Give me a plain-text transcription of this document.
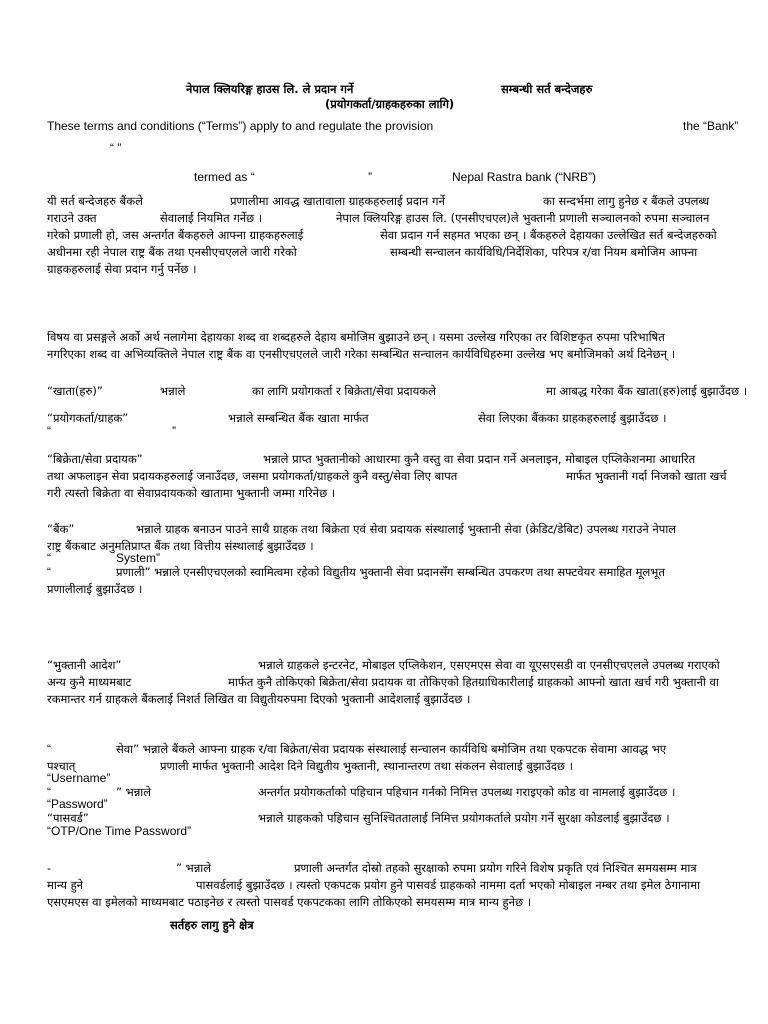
नेपाल क्लियरिङ्ग हाउस लि. ले प्रदान गर्ने	सम्बन्धी सर्त बन्देजहरु
(प्रयोगकर्ता/ग्राहकहरुका लागि)
These terms and conditions (“Terms”) apply to and regulate the provision	the “Bank”
“ ”
termed as “	”	Nepal Rastra bank (“NRB”)
यी सर्त बन्देजहरु बैंकले	प्रणालीमा आवद्ध खातावाला ग्राहकहरुलाई प्रदान गर्ने	का सन्दर्भमा लागु हुनेछ र बैंकले उपलब्ध
गराउने उक्त	सेवालाई नियमित गर्नेछ ।	नेपाल क्लियरिङ्ग हाउस लि. (एनसीएचएल)ले भुक्तानी प्रणाली सञ्चालनको रुपमा सञ्चालन
गरेको प्रणाली हो, जस अन्तर्गत बैंकहरुले आफ्ना ग्राहकहरुलाई	सेवा प्रदान गर्न सहमत भएका छन् । बैंकहरुले देहायका उल्लेखित सर्त बन्देजहरुको
अधीनमा रही नेपाल राष्ट्र बैंक तथा एनसीएचएलले जारी गरेको	सम्बन्धी सन्चालन कार्यविधि/निर्देशिका, परिपत्र र/वा नियम बमोजिम आफ्ना
ग्राहकहरुलाई सेवा प्रदान गर्नु पर्नेछ ।
विषय वा प्रसङ्गले अर्को अर्थ नलागेमा देहायका शब्द वा शब्दहरुले देहाय बमोजिम बुझाउने छन् । यसमा उल्लेख गरिएका तर विशिष्टकृत रुपमा परिभाषित
नगरिएका शब्द वा अभिव्यक्तिले नेपाल राष्ट्र बैंक वा एनसीएचएलले जारी गरेका सम्बन्धित सन्चालन कार्यविधिहरुमा उल्लेख भए बमोजिमको अर्थ दिनेछन् ।
“खाता(हरु)”	भन्नाले	का लागि प्रयोगकर्ता र बिक्रेता/सेवा प्रदायकले	मा आबद्ध गरेका बैंक खाता(हरु)लाई बुझाउँदछ ।
“प्रयोगकर्ता/ग्राहक”	भन्नाले सम्बन्धित बैंक खाता मार्फत	सेवा लिएका बैंकका ग्राहकहरुलाई बुझाउँदछ ।
“	”
“बिक्रेता/सेवा प्रदायक”	भन्नाले प्राप्त भुक्तानीको आधारमा कुनै वस्तु वा सेवा प्रदान गर्ने अनलाइन, मोबाइल एप्लिकेशनमा आधारित
तथा अफलाइन सेवा प्रदायकहरुलाई जनाउँदछ, जसमा प्रयोगकर्ता/ग्राहकले कुनै वस्तु/सेवा लिए बापत	मार्फत भुक्तानी गर्दा निजको खाता खर्च
गरी त्यस्तो बिक्रेता वा सेवाप्रदायकको खातामा भुक्तानी जम्मा गरिनेछ ।
“बैंक”	भन्नाले ग्राहक बनाउन पाउने साथै ग्राहक तथा बिक्रेता एवं सेवा प्रदायक संस्थालाई भुक्तानी सेवा (क्रेडिट/डेबिट) उपलब्ध गराउने नेपाल
राष्ट्र बैंकबाट अनुमतिप्राप्त बैंक तथा वित्तीय संस्थालाई बुझाउँदछ ।
“	System”
“	प्रणाली” भन्नाले एनसीएचएलको स्वामित्वमा रहेको विद्युतीय भुक्तानी सेवा प्रदानसँग सम्बन्धित उपकरण तथा सफ्टवेयर समाहित मूलभूत
प्रणालीलाई बुझाउँदछ ।
“भुक्तानी आदेश”	भन्नाले ग्राहकले इन्टरनेट, मोबाइल एप्लिकेशन, एसएमएस सेवा वा यूएसएसडी वा एनसीएचएलले उपलब्ध गराएको
अन्य कुनै माध्यमबाट	मार्फत कुनै तोकिएको बिक्रेता/सेवा प्रदायक वा तोकिएको हितग्राधिकारीलाई ग्राहकको आफ्नो खाता खर्च गरी भुक्तानी वा
रकमान्तर गर्न ग्राहकले बैंकलाई निशर्त लिखित वा विद्युतीयरुपमा दिएको भुक्तानी आदेशलाई बुझाउँदछ ।
“	सेवा” भन्नाले बैंकले आफ्ना ग्राहक र/वा बिक्रेता/सेवा प्रदायक संस्थालाई सन्चालन कार्यविधि बमोजिम तथा एकपटक सेवामा आवद्ध भए
पश्चात्	प्रणाली मार्फत भुक्तानी आदेश दिने विद्युतीय भुक्तानी, स्थानान्तरण तथा संकलन सेवालाई बुझाउँदछ ।
“Username”
“	” भन्नाले	अन्तर्गत प्रयोगकर्ताको पहिचान पहिचान गर्नको निमित्त उपलब्ध गराइएको कोड वा नामलाई बुझाउँदछ ।
“Password”
“पासवर्ड”	भन्नाले ग्राहकको पहिचान सुनिश्चिततालाई निमित्त प्रयोगकर्ताले प्रयोग गर्ने सुरक्षा कोडलाई बुझाउँदछ ।
“OTP/One Time Password”
-	” भन्नाले	प्रणाली अन्तर्गत दोस्रो तहको सुरक्षाको रुपमा प्रयोग गरिने विशेष प्रकृति एवं निश्चित समयसम्म मात्र
मान्य हुने	पासवर्डलाई बुझाउँदछ । त्यस्तो एकपटक प्रयोग हुने पासवर्ड ग्राहकको नाममा दर्ता भएको मोबाइल नम्बर तथा इमेल ठेगानामा
एसएमएस वा इमेलको माध्यमबाट पठाइनेछ र त्यस्तो पासवर्ड एकपटकका लागि तोकिएको समयसम्म मात्र मान्य हुनेछ ।
सर्तहरु लागु हुने क्षेत्र
